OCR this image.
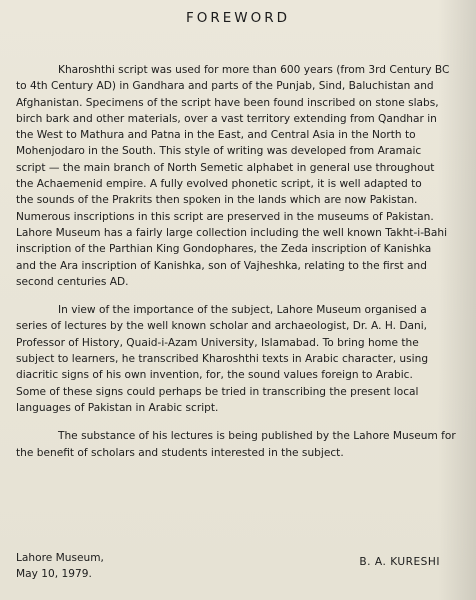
FOREWORD
Kharoshthi script was used for more than 600 years (from 3rd Century BC
to 4th Century AD) in Gandhara and parts of the Punjab, Sind, Baluchistan and
Afghanistan. Specimens of the script have been found inscribed on stone slabs,
birch bark and other materials, over a vast territory extending from Qandhar in
the West to Mathura and Patna in the East, and Central Asia in the North to
Mohenjodaro in the South. This style of writing was developed from Aramaic
script — the main branch of North Semetic alphabet in general use throughout
the Achaemenid empire. A fully evolved phonetic script, it is well adapted to
the sounds of the Prakrits then spoken in the lands which are now Pakistan.
Numerous inscriptions in this script are preserved in the museums of Pakistan.
Lahore Museum has a fairly large collection including the well known Takht-i-Bahi
inscription of the Parthian King Gondophares, the Zeda inscription of Kanishka
and the Ara inscription of Kanishka, son of Vajheshka, relating to the first and
second centuries AD.
In view of the importance of the subject, Lahore Museum organised a
series of lectures by the well known scholar and archaeologist, Dr. A. H. Dani,
Professor of History, Quaid-i-Azam University, Islamabad. To bring home the
subject to learners, he transcribed Kharoshthi texts in Arabic character, using
diacritic signs of his own invention, for, the sound values foreign to Arabic.
Some of these signs could perhaps be tried in transcribing the present local
languages of Pakistan in Arabic script.
The substance of his lectures is being published by the Lahore Museum for
the benefit of scholars and students interested in the subject.
Lahore Museum,
May 10, 1979.
B. A. KURESHI
